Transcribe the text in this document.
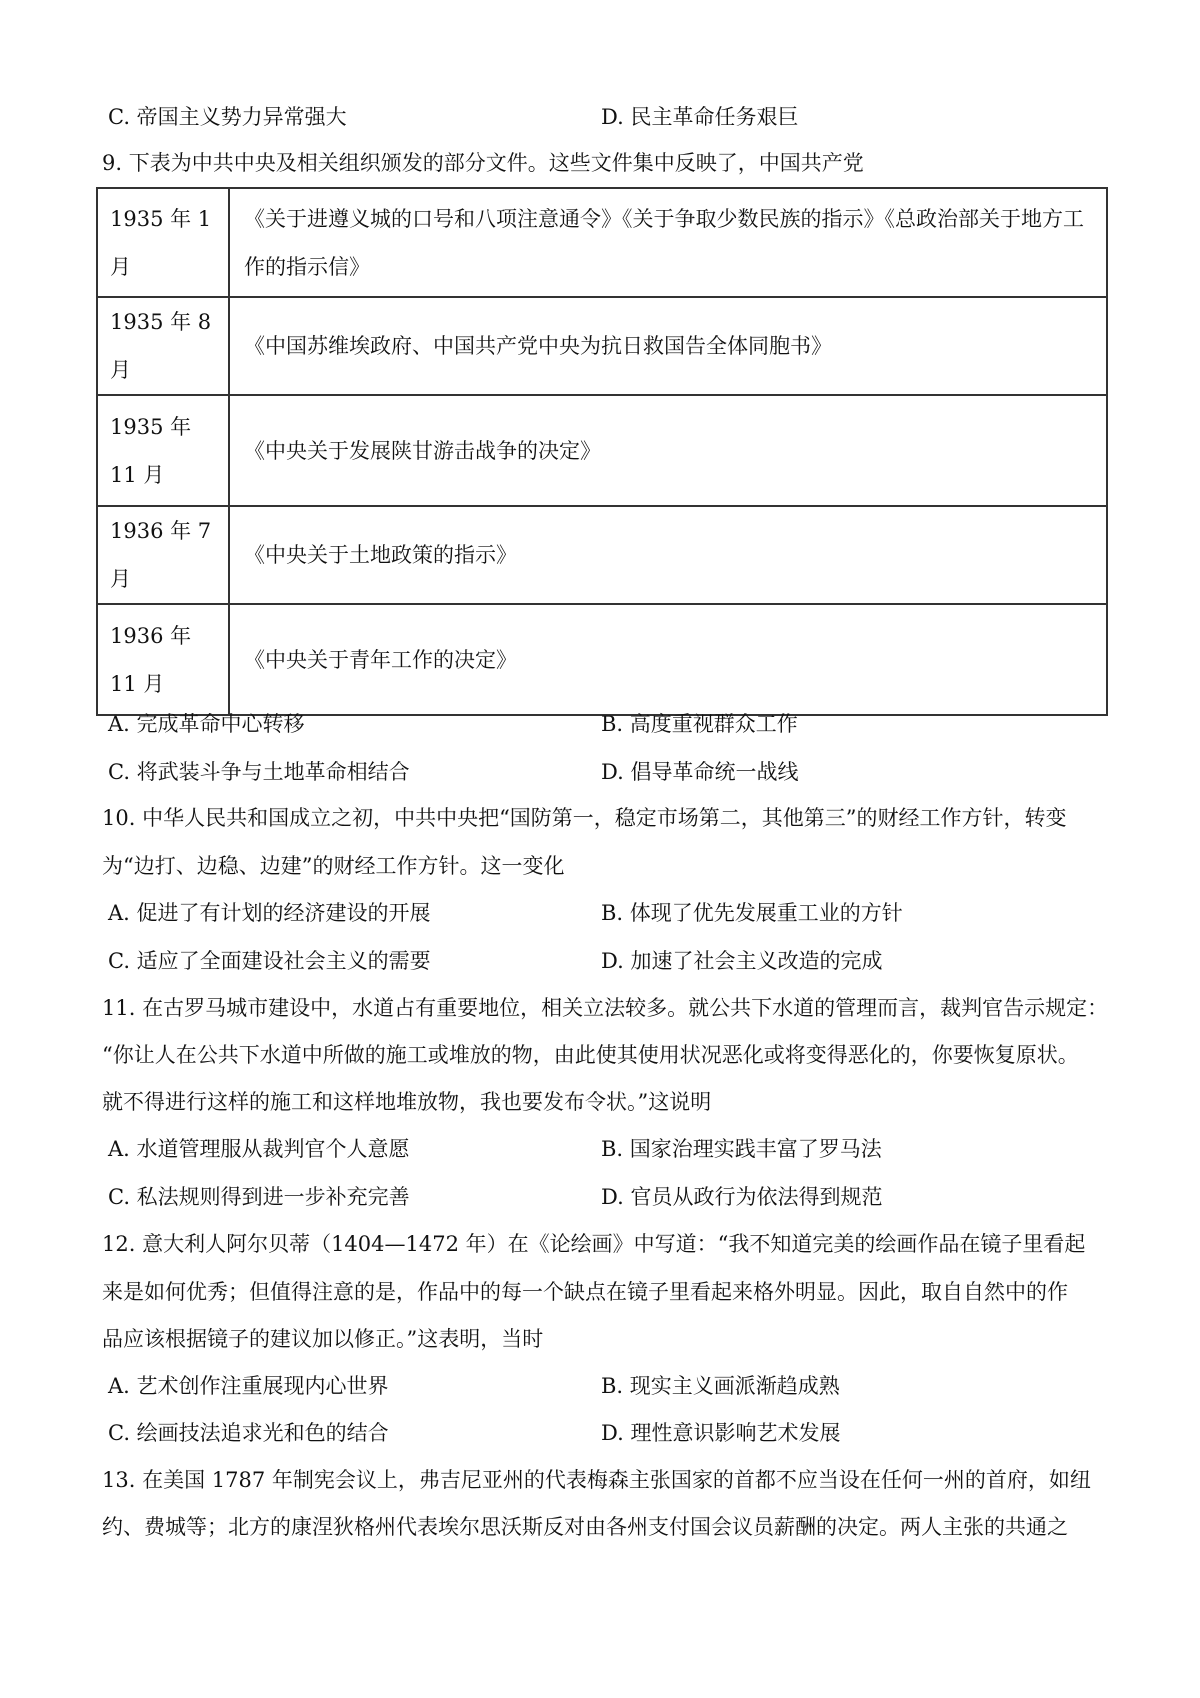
C. 帝国主义势力异常强大	D. 民主革命任务艰巨
9. 下表为中共中央及相关组织颁发的部分文件。这些文件集中反映了，中国共产党
1935 年 1 月	《关于进遵义城的口号和八项注意通令》《关于争取少数民族的指示》《总政治部关于地方工作的指示信》
1935 年 8 月	《中国苏维埃政府、中国共产党中央为抗日救国告全体同胞书》
1935 年 11 月	《中央关于发展陕甘游击战争的决定》
1936 年 7 月	《中央关于土地政策的指示》
1936 年 11 月	《中央关于青年工作的决定》
A. 完成革命中心转移	B. 高度重视群众工作
C. 将武装斗争与土地革命相结合	D. 倡导革命统一战线
10. 中华人民共和国成立之初，中共中央把“国防第一，稳定市场第二，其他第三”的财经工作方针，转变
为“边打、边稳、边建”的财经工作方针。这一变化
A. 促进了有计划的经济建设的开展	B. 体现了优先发展重工业的方针
C. 适应了全面建设社会主义的需要	D. 加速了社会主义改造的完成
11. 在古罗马城市建设中，水道占有重要地位，相关立法较多。就公共下水道的管理而言，裁判官告示规定：
“你让人在公共下水道中所做的施工或堆放的物，由此使其使用状况恶化或将变得恶化的，你要恢复原状。
就不得进行这样的施工和这样地堆放物，我也要发布令状。”这说明
A. 水道管理服从裁判官个人意愿	B. 国家治理实践丰富了罗马法
C. 私法规则得到进一步补充完善	D. 官员从政行为依法得到规范
12. 意大利人阿尔贝蒂（1404—1472 年）在《论绘画》中写道：“我不知道完美的绘画作品在镜子里看起
来是如何优秀；但值得注意的是，作品中的每一个缺点在镜子里看起来格外明显。因此，取自自然中的作
品应该根据镜子的建议加以修正。”这表明，当时
A. 艺术创作注重展现内心世界	B. 现实主义画派渐趋成熟
C. 绘画技法追求光和色的结合	D. 理性意识影响艺术发展
13. 在美国 1787 年制宪会议上，弗吉尼亚州的代表梅森主张国家的首都不应当设在任何一州的首府，如纽
约、费城等；北方的康涅狄格州代表埃尔思沃斯反对由各州支付国会议员薪酬的决定。两人主张的共通之
